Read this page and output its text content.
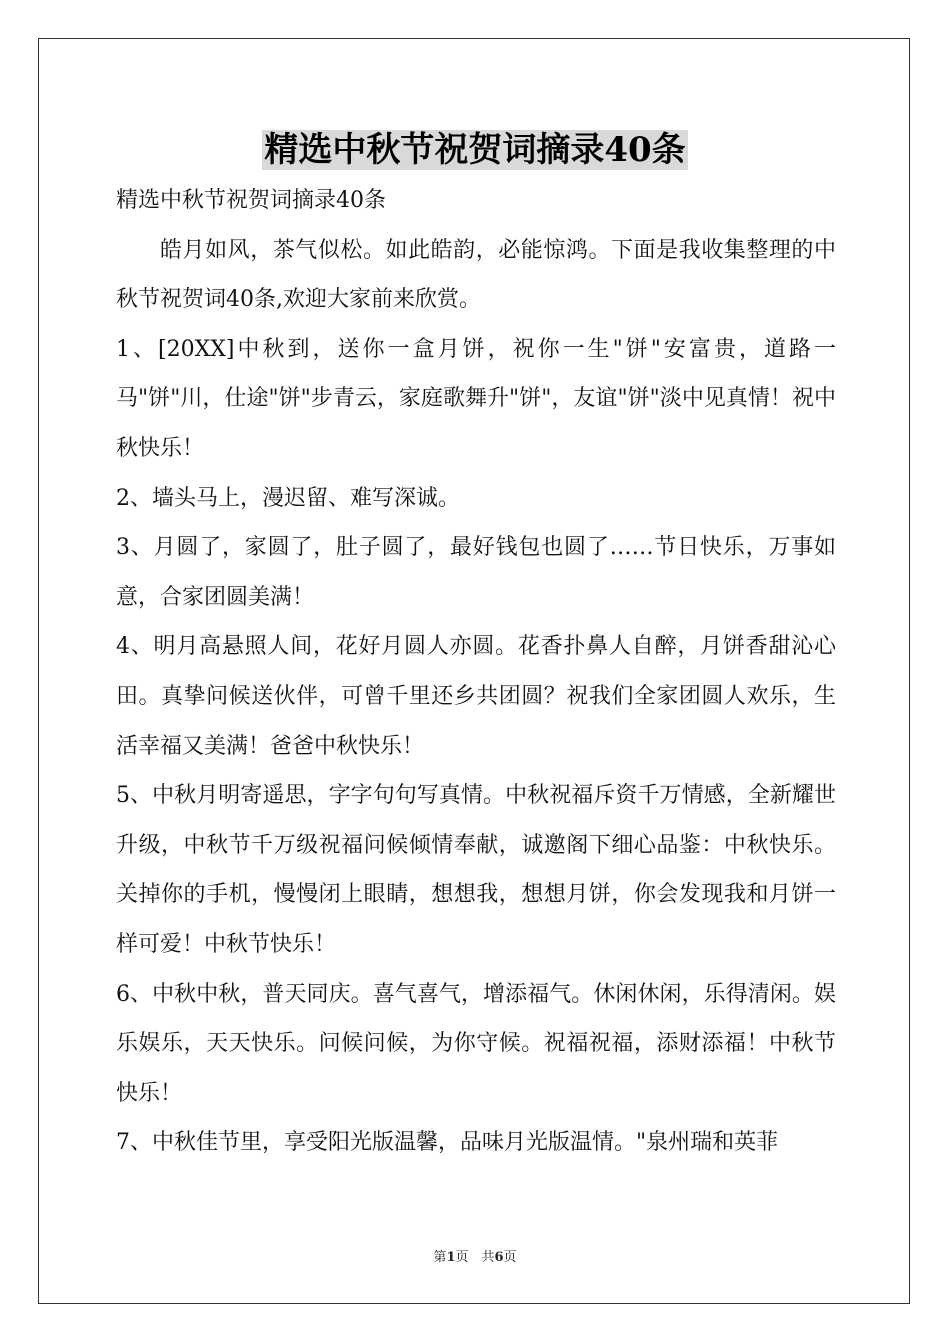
精选中秋节祝贺词摘录40条

精选中秋节祝贺词摘录40条

皓月如风，茶气似松。如此皓韵，必能惊鸿。下面是我收集整理的中秋节祝贺词40条,欢迎大家前来欣赏。

1、[20XX]中秋到，送你一盒月饼，祝你一生"饼"安富贵，道路一马"饼"川，仕途"饼"步青云，家庭歌舞升"饼"，友谊"饼"淡中见真情！祝中秋快乐！

2、墙头马上，漫迟留、难写深诚。

3、月圆了，家圆了，肚子圆了，最好钱包也圆了……节日快乐，万事如意，合家团圆美满！

4、明月高悬照人间，花好月圆人亦圆。花香扑鼻人自醉，月饼香甜沁心田。真挚问候送伙伴，可曾千里还乡共团圆？祝我们全家团圆人欢乐，生活幸福又美满！爸爸中秋快乐！

5、中秋月明寄遥思，字字句句写真情。中秋祝福斥资千万情感，全新耀世升级，中秋节千万级祝福问候倾情奉献，诚邀阁下细心品鉴：中秋快乐。关掉你的手机，慢慢闭上眼睛，想想我，想想月饼，你会发现我和月饼一样可爱！中秋节快乐！

6、中秋中秋，普天同庆。喜气喜气，增添福气。休闲休闲，乐得清闲。娱乐娱乐，天天快乐。问候问候，为你守候。祝福祝福，添财添福！中秋节快乐！

7、中秋佳节里，享受阳光版温馨，品味月光版温情。"泉州瑞和英菲

第1页　共6页
